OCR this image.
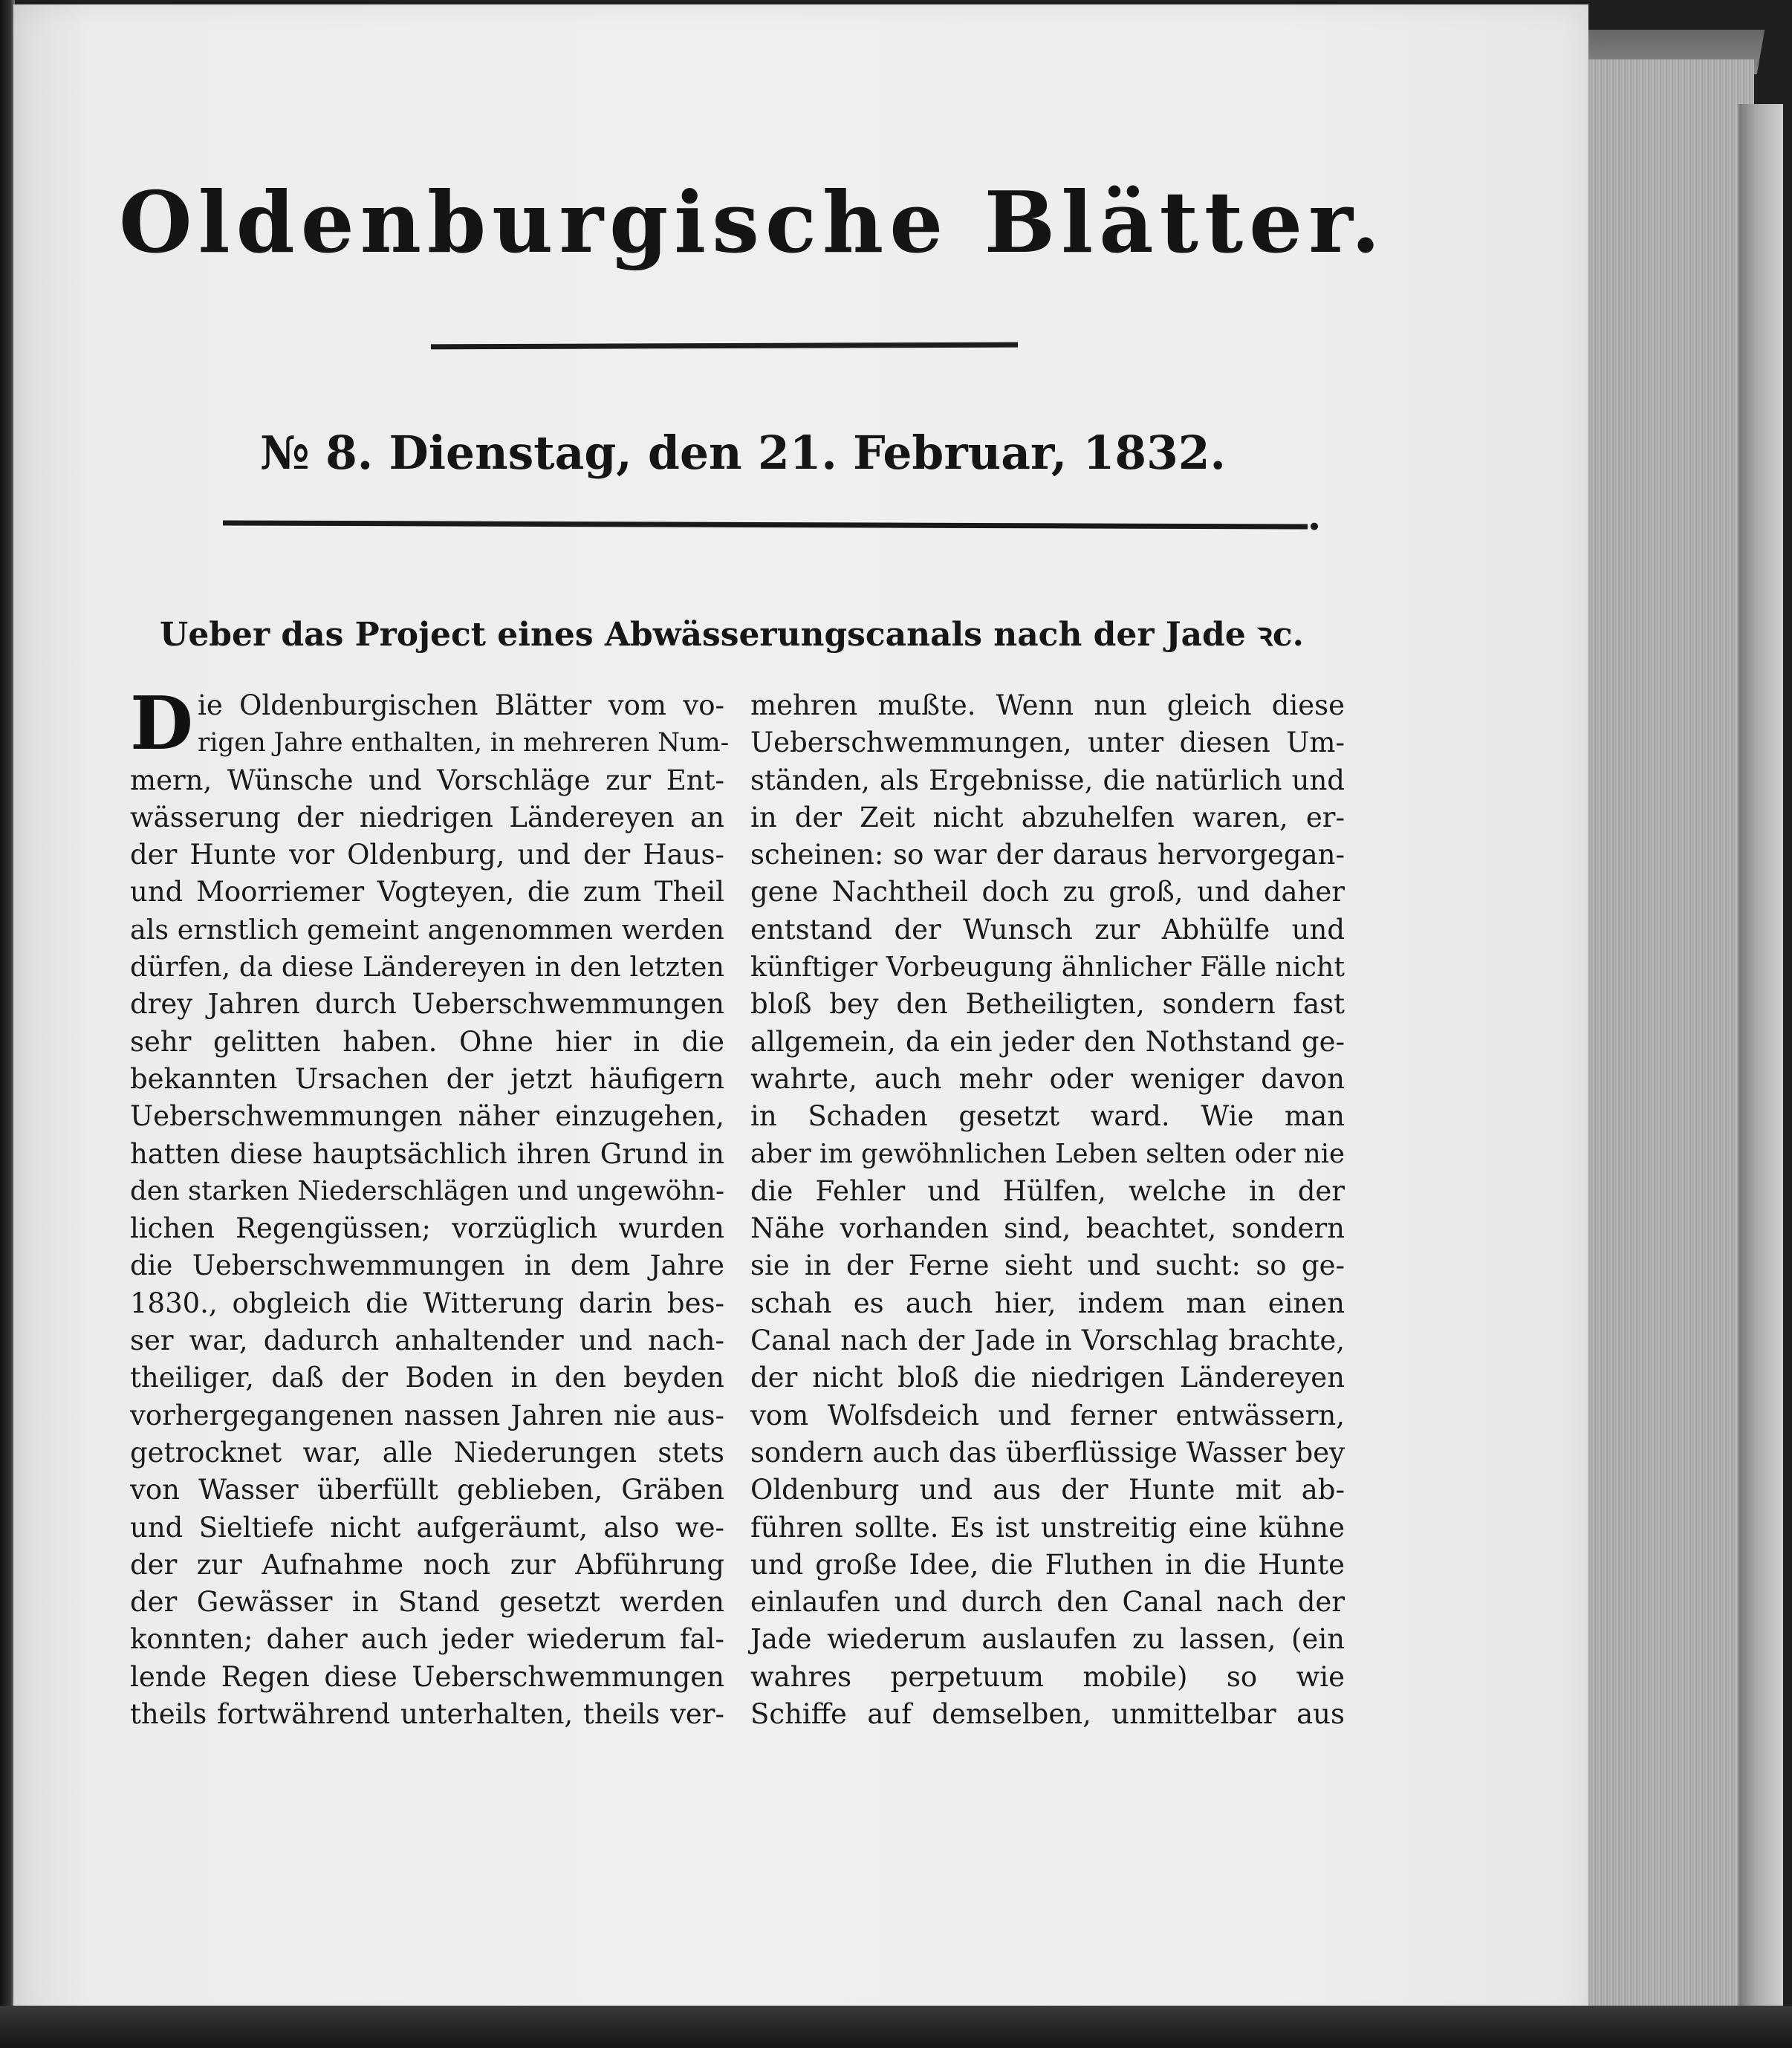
Oldenburgische Blätter.
№ 8. Dienstag, den 21. Februar, 1832.
Ueber das Project eines Abwässerungscanals nach der Jade ꝛc.
D ie Oldenburgischen Blätter vom vo-
rigen Jahre enthalten, in mehreren Num-
mern, Wünsche und Vorschläge zur Ent-
wässerung der niedrigen Ländereyen an
der Hunte vor Oldenburg, und der Haus-
und Moorriemer Vogteyen, die zum Theil
als ernstlich gemeint angenommen werden
dürfen, da diese Ländereyen in den letzten
drey Jahren durch Ueberschwemmungen
sehr gelitten haben. Ohne hier in die
bekannten Ursachen der jetzt häufigern
Ueberschwemmungen näher einzugehen,
hatten diese hauptsächlich ihren Grund in
den starken Niederschlägen und ungewöhn-
lichen Regengüssen; vorzüglich wurden
die Ueberschwemmungen in dem Jahre
1830., obgleich die Witterung darin bes-
ser war, dadurch anhaltender und nach-
theiliger, daß der Boden in den beyden
vorhergegangenen nassen Jahren nie aus-
getrocknet war, alle Niederungen stets
von Wasser überfüllt geblieben, Gräben
und Sieltiefe nicht aufgeräumt, also we-
der zur Aufnahme noch zur Abführung
der Gewässer in Stand gesetzt werden
konnten; daher auch jeder wiederum fal-
lende Regen diese Ueberschwemmungen
theils fortwährend unterhalten, theils ver-
mehren mußte. Wenn nun gleich diese
Ueberschwemmungen, unter diesen Um-
ständen, als Ergebnisse, die natürlich und
in der Zeit nicht abzuhelfen waren, er-
scheinen: so war der daraus hervorgegan-
gene Nachtheil doch zu groß, und daher
entstand der Wunsch zur Abhülfe und
künftiger Vorbeugung ähnlicher Fälle nicht
bloß bey den Betheiligten, sondern fast
allgemein, da ein jeder den Nothstand ge-
wahrte, auch mehr oder weniger davon
in Schaden gesetzt ward. Wie man
aber im gewöhnlichen Leben selten oder nie
die Fehler und Hülfen, welche in der
Nähe vorhanden sind, beachtet, sondern
sie in der Ferne sieht und sucht: so ge-
schah es auch hier, indem man einen
Canal nach der Jade in Vorschlag brachte,
der nicht bloß die niedrigen Ländereyen
vom Wolfsdeich und ferner entwässern,
sondern auch das überflüssige Wasser bey
Oldenburg und aus der Hunte mit ab-
führen sollte. Es ist unstreitig eine kühne
und große Idee, die Fluthen in die Hunte
einlaufen und durch den Canal nach der
Jade wiederum auslaufen zu lassen, (ein
wahres perpetuum mobile) so wie
Schiffe auf demselben, unmittelbar aus
